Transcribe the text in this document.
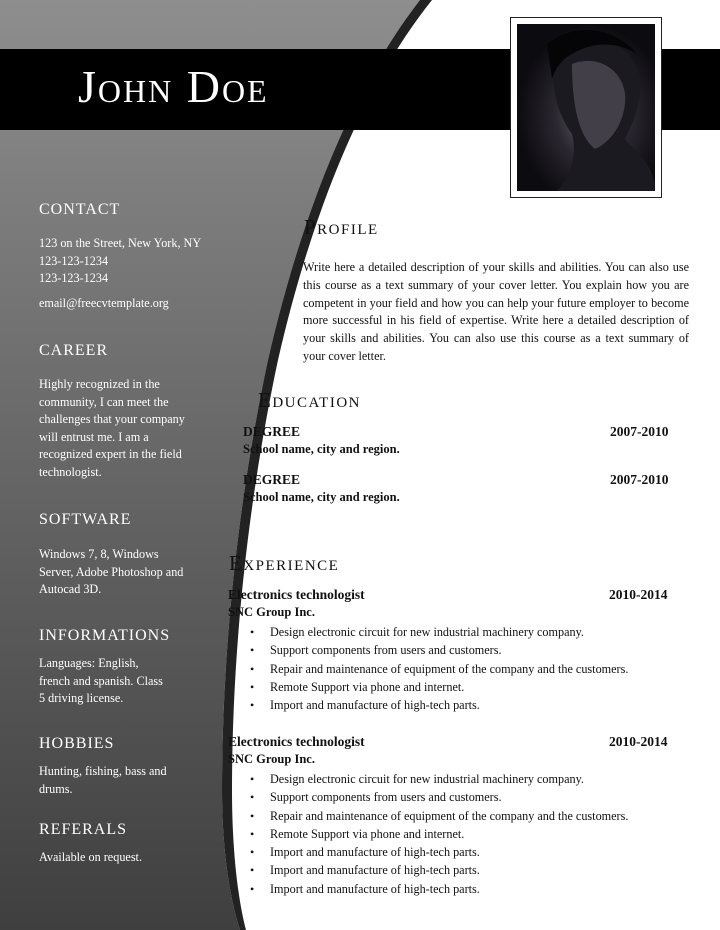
John Doe
CONTACT
123 on the Street, New York, NY
123-123-1234
123-123-1234
email@freecvtemplate.org
CAREER
Highly recognized in the community, I can meet the challenges that your company will entrust me. I am a recognized expert in the field technologist.
SOFTWARE
Windows 7, 8, Windows Server, Adobe Photoshop and Autocad 3D.
INFORMATIONS
Languages: English, french and spanish. Class 5 driving license.
HOBBIES
Hunting, fishing, bass and drums.
REFERALS
Available on request.
Profile
Write here a detailed description of your skills and abilities. You can also use this course as a text summary of your cover letter. You explain how you are competent in your field and how you can help your future employer to become more successful in his field of expertise. Write here a detailed description of your skills and abilities. You can also use this course as a text summary of your cover letter.
Education
DEGREE	2007-2010
School name, city and region.
DEGREE	2007-2010
School name, city and region.
Experience
Electronics technologist	2010-2014
SNC Group Inc.
• Design electronic circuit for new industrial machinery company.
• Support components from users and customers.
• Repair and maintenance of equipment of the company and the customers.
• Remote Support via phone and internet.
• Import and manufacture of high-tech parts.
Electronics technologist	2010-2014
SNC Group Inc.
• Design electronic circuit for new industrial machinery company.
• Support components from users and customers.
• Repair and maintenance of equipment of the company and the customers.
• Remote Support via phone and internet.
• Import and manufacture of high-tech parts.
• Import and manufacture of high-tech parts.
• Import and manufacture of high-tech parts.
